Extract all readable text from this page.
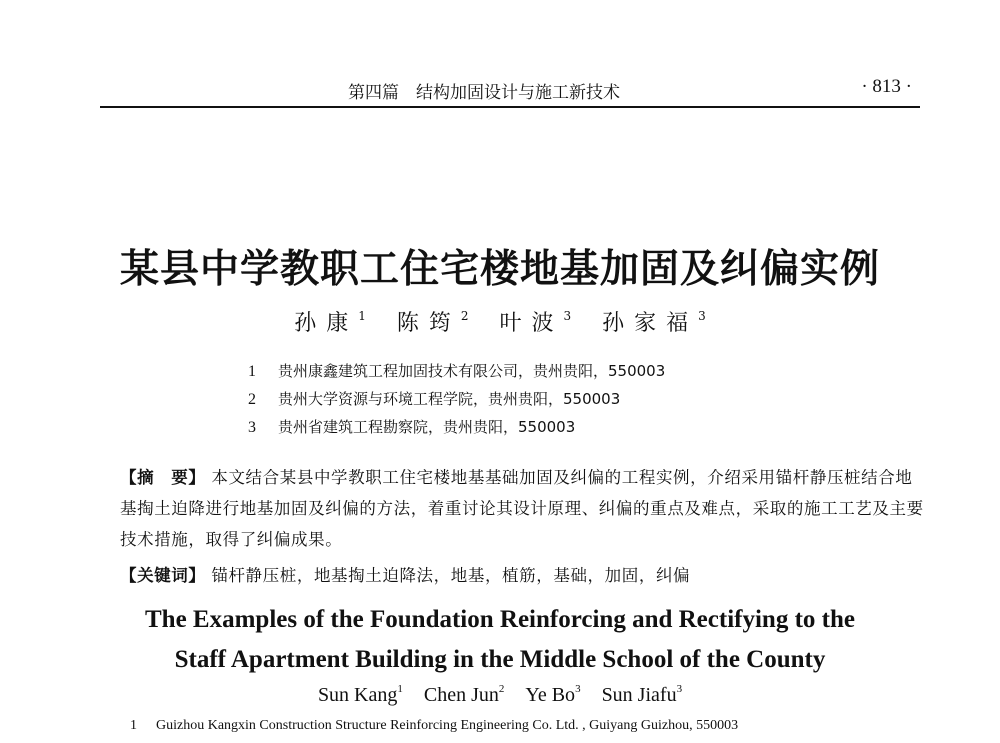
第四篇　结构加固设计与施工新技术	· 813 ·
某县中学教职工住宅楼地基加固及纠偏实例
孙康$^1$ 陈筠$^2$ 叶波$^3$ 孙家福$^3$
1 贵州康鑫建筑工程加固技术有限公司，贵州贵阳，550003
2 贵州大学资源与环境工程学院，贵州贵阳，550003
3 贵州省建筑工程勘察院，贵州贵阳，550003
【摘　要】 本文结合某县中学教职工住宅楼地基基础加固及纠偏的工程实例，介绍采用锚杆静压桩结合地基掏土迫降进行地基加固及纠偏的方法，着重讨论其设计原理、纠偏的重点及难点，采取的施工工艺及主要技术措施，取得了纠偏成果。
【关键词】 锚杆静压桩，地基掏土迫降法，地基，植筋，基础，加固，纠偏
The Examples of the Foundation Reinforcing and Rectifying to the
Staff Apartment Building in the Middle School of the County
Sun Kang$^1$ Chen Jun$^2$ Ye Bo$^3$ Sun Jiafu$^3$
1 Guizhou Kangxin Construction Structure Reinforcing Engineering Co. Ltd. , Guiyang Guizhou, 550003
